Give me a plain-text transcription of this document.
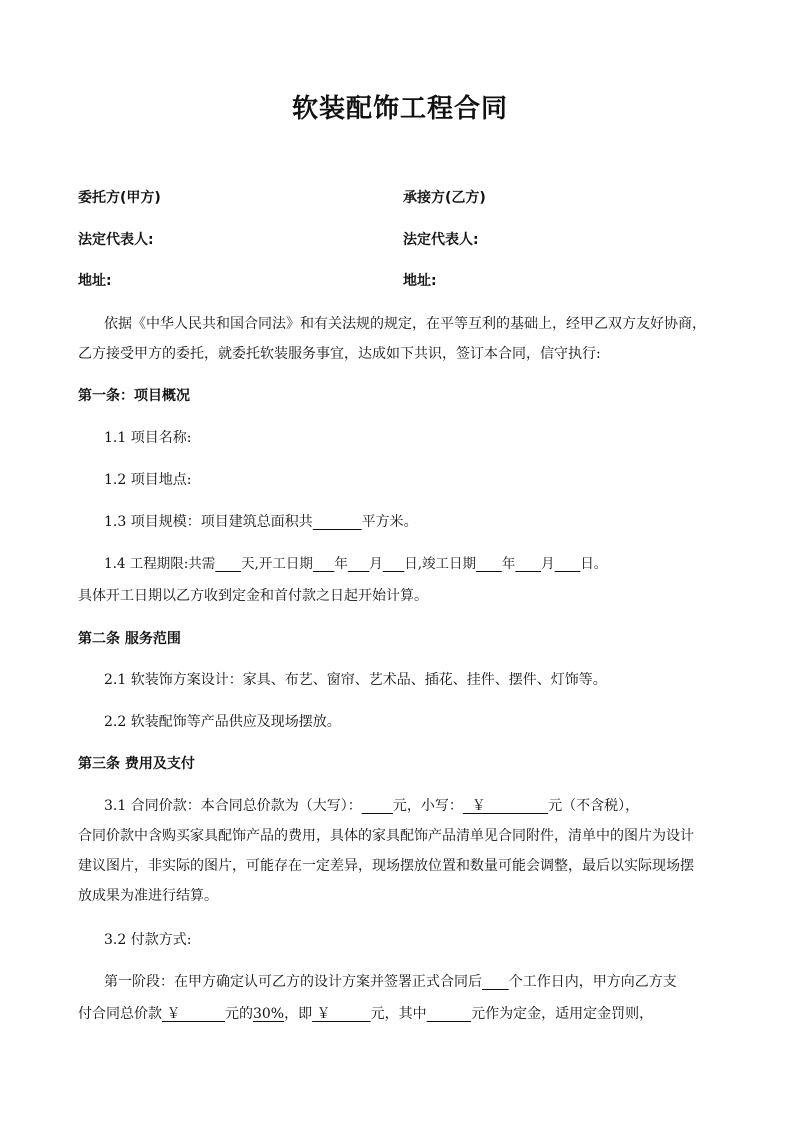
软装配饰工程合同
委托方(甲方)	承接方(乙方)
法定代表人:	法定代表人:
地址:	地址:
依据《中华人民共和国合同法》和有关法规的规定，在平等互利的基础上，经甲乙双方友好协商，
乙方接受甲方的委托，就委托软装服务事宜，达成如下共识，签订本合同，信守执行:
第一条：项目概况
1.1 项目名称:
1.2 项目地点:
1.3 项目规模：项目建筑总面积共	平方米。
1.4 工程期限:共需 天,开工日期 年 月 日,竣工日期 年 月 日。
具体开工日期以乙方收到定金和首付款之日起开始计算。
第二条 服务范围
2.1 软装饰方案设计：家具、布艺、窗帘、艺术品、插花、挂件、摆件、灯饰等。
2.2 软装配饰等产品供应及现场摆放。
第三条 费用及支付
3.1 合同价款：本合同总价款为（大写）： 元，小写：  ￥              元（不含税），
合同价款中含购买家具配饰产品的费用，具体的家具配饰产品清单见合同附件，清单中的图片为设计
建议图片，非实际的图片，可能存在一定差异，现场摆放位置和数量可能会调整，最后以实际现场摆
放成果为准进行结算。
3.2 付款方式:
第一阶段：在甲方确定认可乙方的设计方案并签署正式合同后 个工作日内，甲方向乙方支
付合同总价款 ￥          元的30%，即 ￥         元，其中	元作为定金，适用定金罚则，
